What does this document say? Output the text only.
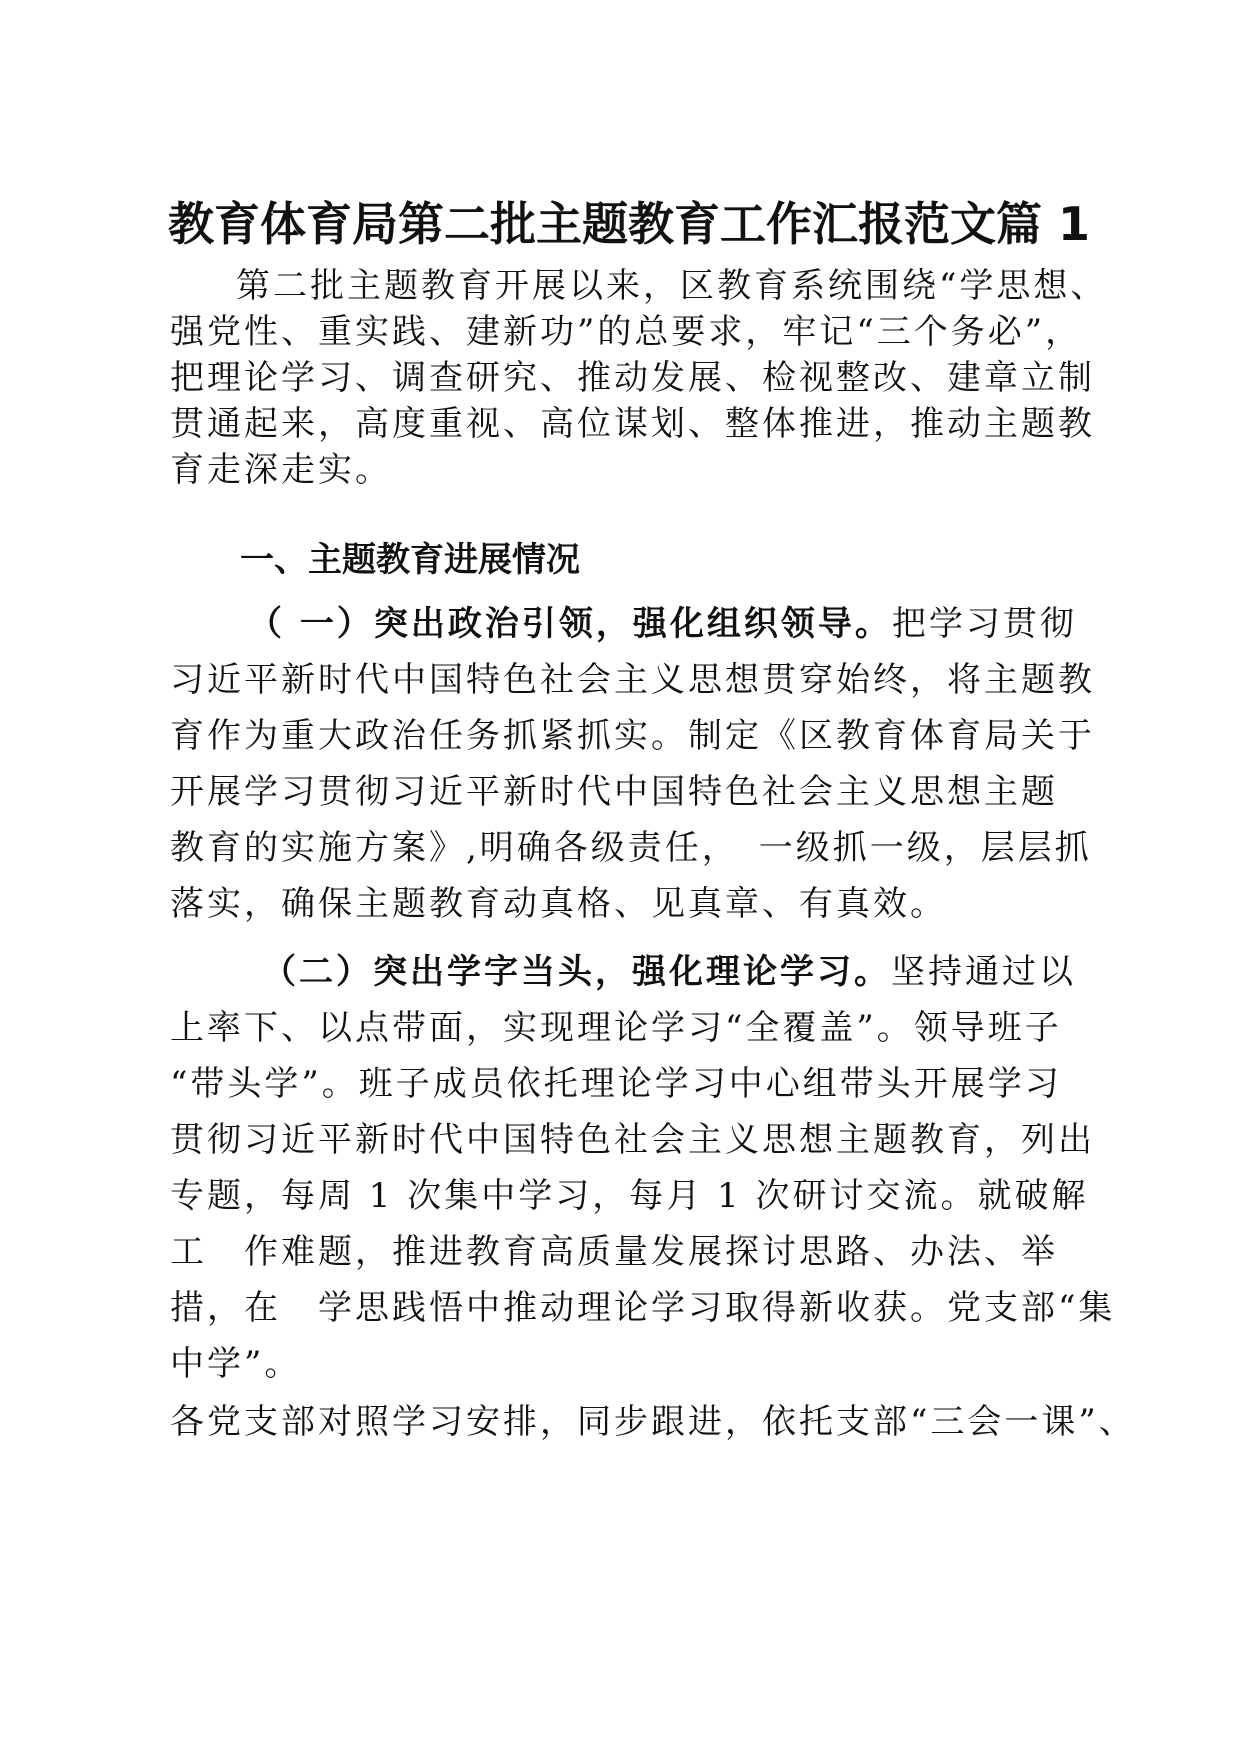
教育体育局第二批主题教育工作汇报范文篇 1
第二批主题教育开展以来，区教育系统围绕“学思想、
强党性、重实践、建新功”的总要求，牢记“三个务必”，
把理论学习、调查研究、推动发展、检视整改、建章立制
贯通起来，高度重视、高位谋划、整体推进，推动主题教
育走深走实。
一、主题教育进展情况
（ 一）突出政治引领，强化组织领导。把学习贯彻
习近平新时代中国特色社会主义思想贯穿始终，将主题教
育作为重大政治任务抓紧抓实。制定《区教育体育局关于
开展学习贯彻习近平新时代中国特色社会主义思想主题
教育的实施方案》,明确各级责任，　一级抓一级，层层抓
落实，确保主题教育动真格、见真章、有真效。
（二）突出学字当头，强化理论学习。坚持通过以
上率下、以点带面，实现理论学习“全覆盖”。领导班子
“带头学”。班子成员依托理论学习中心组带头开展学习
贯彻习近平新时代中国特色社会主义思想主题教育，列出
专题，每周 1 次集中学习，每月 1 次研讨交流。就破解
工　作难题，推进教育高质量发展探讨思路、办法、举
措，在　学思践悟中推动理论学习取得新收获。党支部“集
中学”。
各党支部对照学习安排，同步跟进，依托支部“三会一课”、
